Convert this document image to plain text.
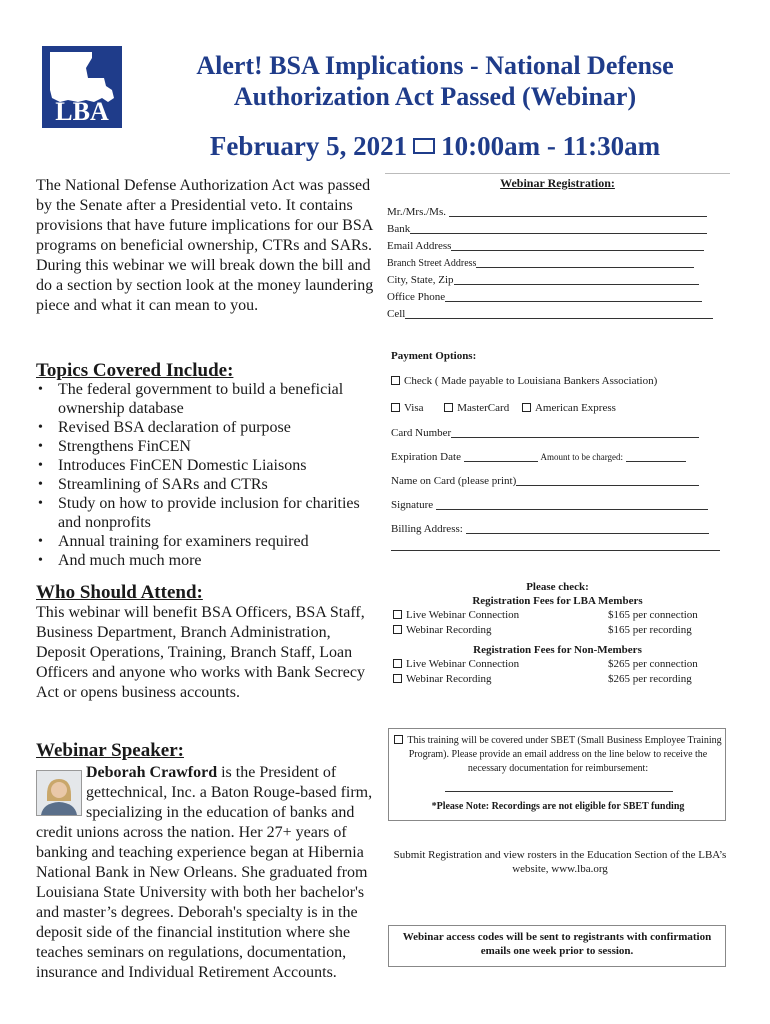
LBA
Alert! BSA Implications - National Defense Authorization Act Passed (Webinar)
February 5, 2021 10:00am - 11:30am
The National Defense Authorization Act was passed by the Senate after a Presidential veto. It contains provisions that have future implications for our BSA programs on beneficial ownership, CTRs and SARs. During this webinar we will break down the bill and do a section by section look at the money laundering piece and what it can mean to you.
Topics Covered Include:
• The federal government to build a beneficial ownership database
• Revised BSA declaration of purpose
• Strengthens FinCEN
• Introduces FinCEN Domestic Liaisons
• Streamlining of SARs and CTRs
• Study on how to provide inclusion for charities and nonprofits
• Annual training for examiners required
• And much much more
Who Should Attend:
This webinar will benefit BSA Officers, BSA Staff, Business Department, Branch Administration, Deposit Operations, Training, Branch Staff, Loan Officers and anyone who works with Bank Secrecy Act or opens business accounts.
Webinar Speaker:
Deborah Crawford is the President of gettechnical, Inc. a Baton Rouge-based firm, specializing in the education of banks and credit unions across the nation. Her 27+ years of banking and teaching experience began at Hibernia National Bank in New Orleans. She graduated from Louisiana State University with both her bachelor's and master’s degrees. Deborah's specialty is in the deposit side of the financial institution where she teaches seminars on regulations, documentation, insurance and Individual Retirement Accounts.
Webinar Registration:
Mr./Mrs./Ms.
Bank
Email Address
Branch Street Address
City, State, Zip
Office Phone
Cell
Payment Options:
Check ( Made payable to Louisiana Bankers Association)
Visa	MasterCard American Express
Card Number
Expiration Date	Amount to be charged:
Name on Card (please print)
Signature
Billing Address:
Please check:
Registration Fees for LBA Members
Live Webinar Connection	$165 per connection
Webinar Recording	$165 per recording
Registration Fees for Non-Members
Live Webinar Connection	$265 per connection
Webinar Recording	$265 per recording
This training will be covered under SBET (Small Business Employee Training Program). Please provide an email address on the line below to receive the necessary documentation for reimbursement:
*Please Note: Recordings are not eligible for SBET funding
Submit Registration and view rosters in the Education Section of the LBA’s website, www.lba.org
Webinar access codes will be sent to registrants with confirmation emails one week prior to session.
